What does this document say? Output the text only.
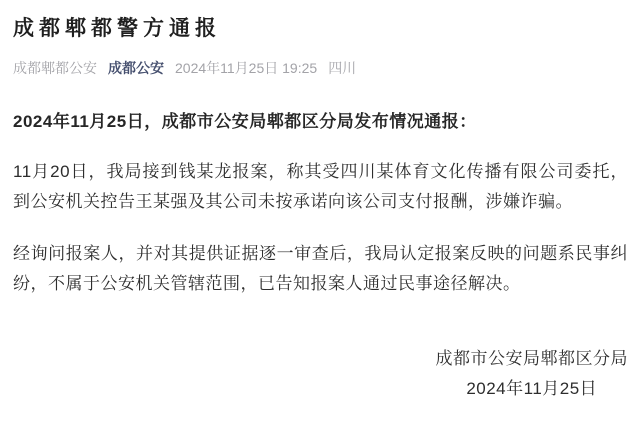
成都郫都警方通报
成都郫都公安 成都公安 2024年11月25日 19:25 四川

2024年11月25日，成都市公安局郫都区分局发布情况通报：

11月20日，我局接到钱某龙报案，称其受四川某体育文化传播有限公司委托，到公安机关控告王某强及其公司未按承诺向该公司支付报酬，涉嫌诈骗。

经询问报案人，并对其提供证据逐一审查后，我局认定报案反映的问题系民事纠纷，不属于公安机关管辖范围，已告知报案人通过民事途径解决。

成都市公安局郫都区分局
2024年11月25日
